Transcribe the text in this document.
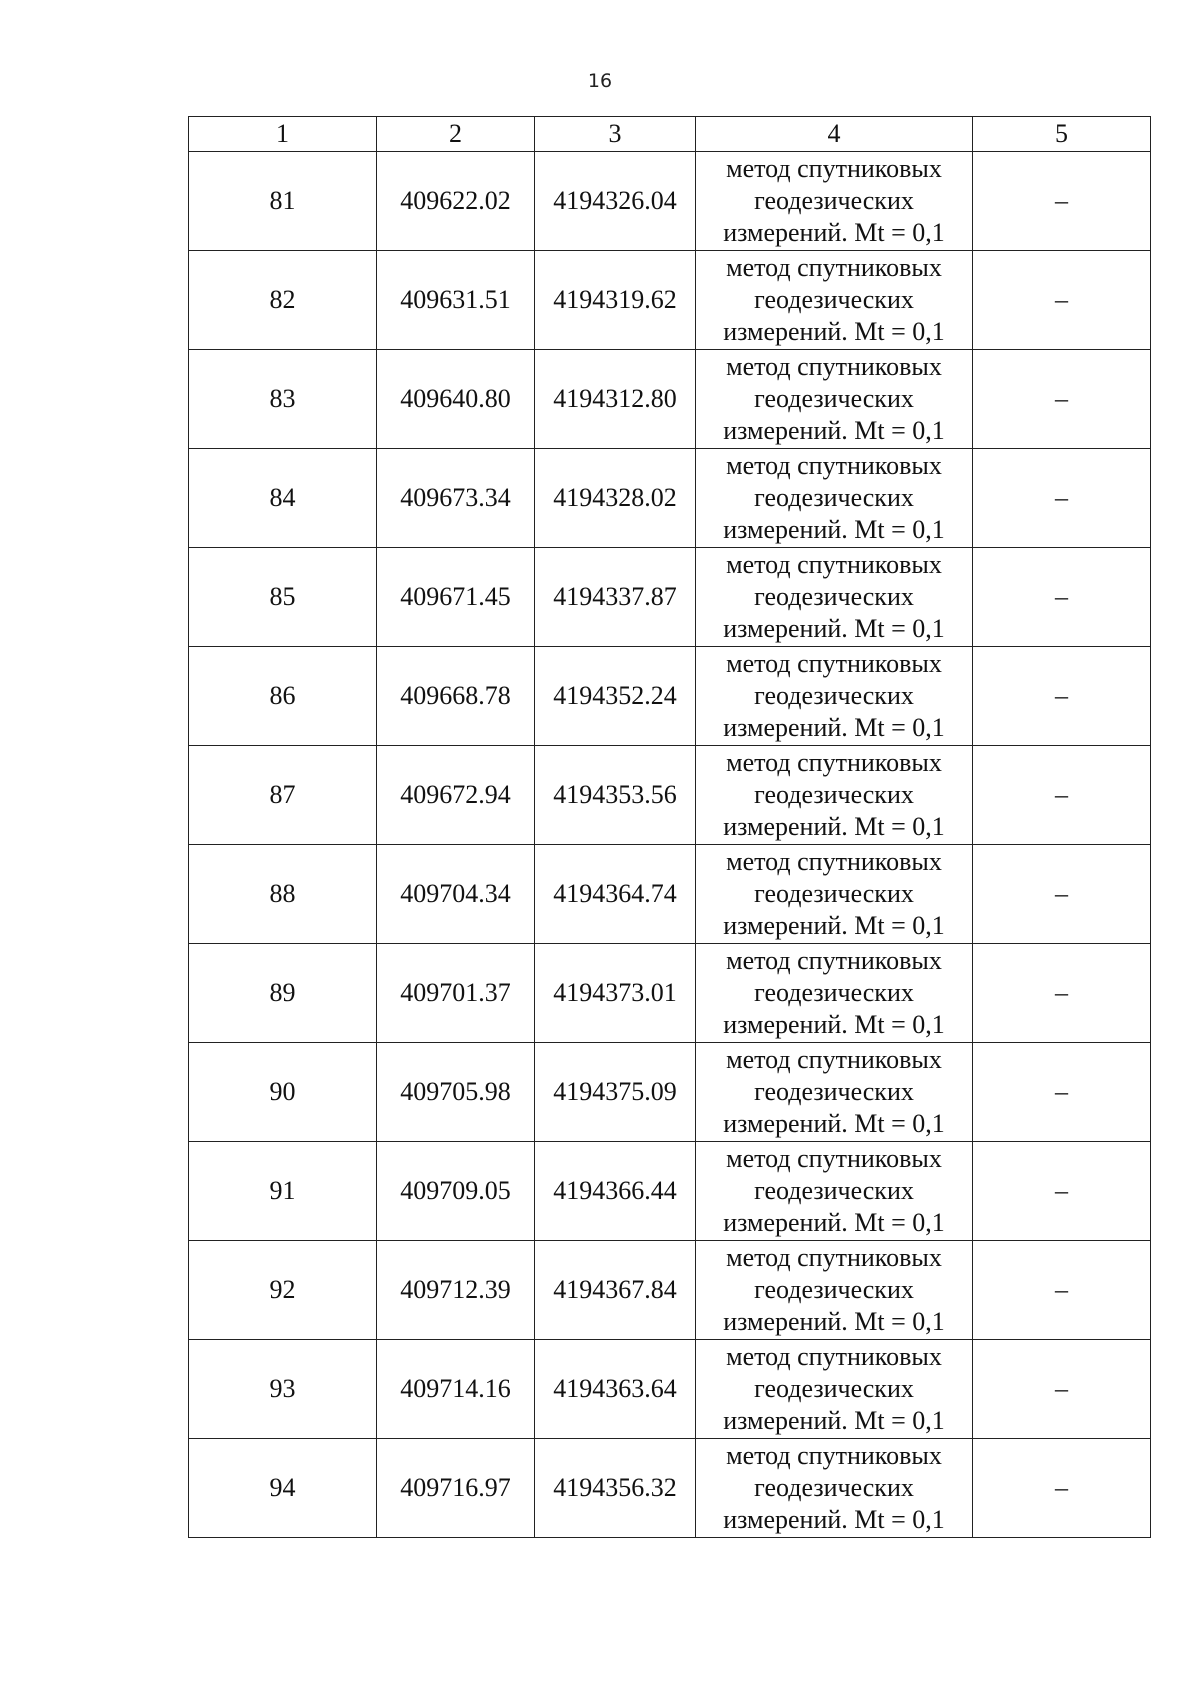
16
1	2	3	4	5
81	409622.02	4194326.04	метод спутниковых
геодезических
измерений. Mt = 0,1	–
82	409631.51	4194319.62	метод спутниковых
геодезических
измерений. Mt = 0,1	–
83	409640.80	4194312.80	метод спутниковых
геодезических
измерений. Mt = 0,1	–
84	409673.34	4194328.02	метод спутниковых
геодезических
измерений. Mt = 0,1	–
85	409671.45	4194337.87	метод спутниковых
геодезических
измерений. Mt = 0,1	–
86	409668.78	4194352.24	метод спутниковых
геодезических
измерений. Mt = 0,1	–
87	409672.94	4194353.56	метод спутниковых
геодезических
измерений. Mt = 0,1	–
88	409704.34	4194364.74	метод спутниковых
геодезических
измерений. Mt = 0,1	–
89	409701.37	4194373.01	метод спутниковых
геодезических
измерений. Mt = 0,1	–
90	409705.98	4194375.09	метод спутниковых
геодезических
измерений. Mt = 0,1	–
91	409709.05	4194366.44	метод спутниковых
геодезических
измерений. Mt = 0,1	–
92	409712.39	4194367.84	метод спутниковых
геодезических
измерений. Mt = 0,1	–
93	409714.16	4194363.64	метод спутниковых
геодезических
измерений. Mt = 0,1	–
94	409716.97	4194356.32	метод спутниковых
геодезических
измерений. Mt = 0,1	–
